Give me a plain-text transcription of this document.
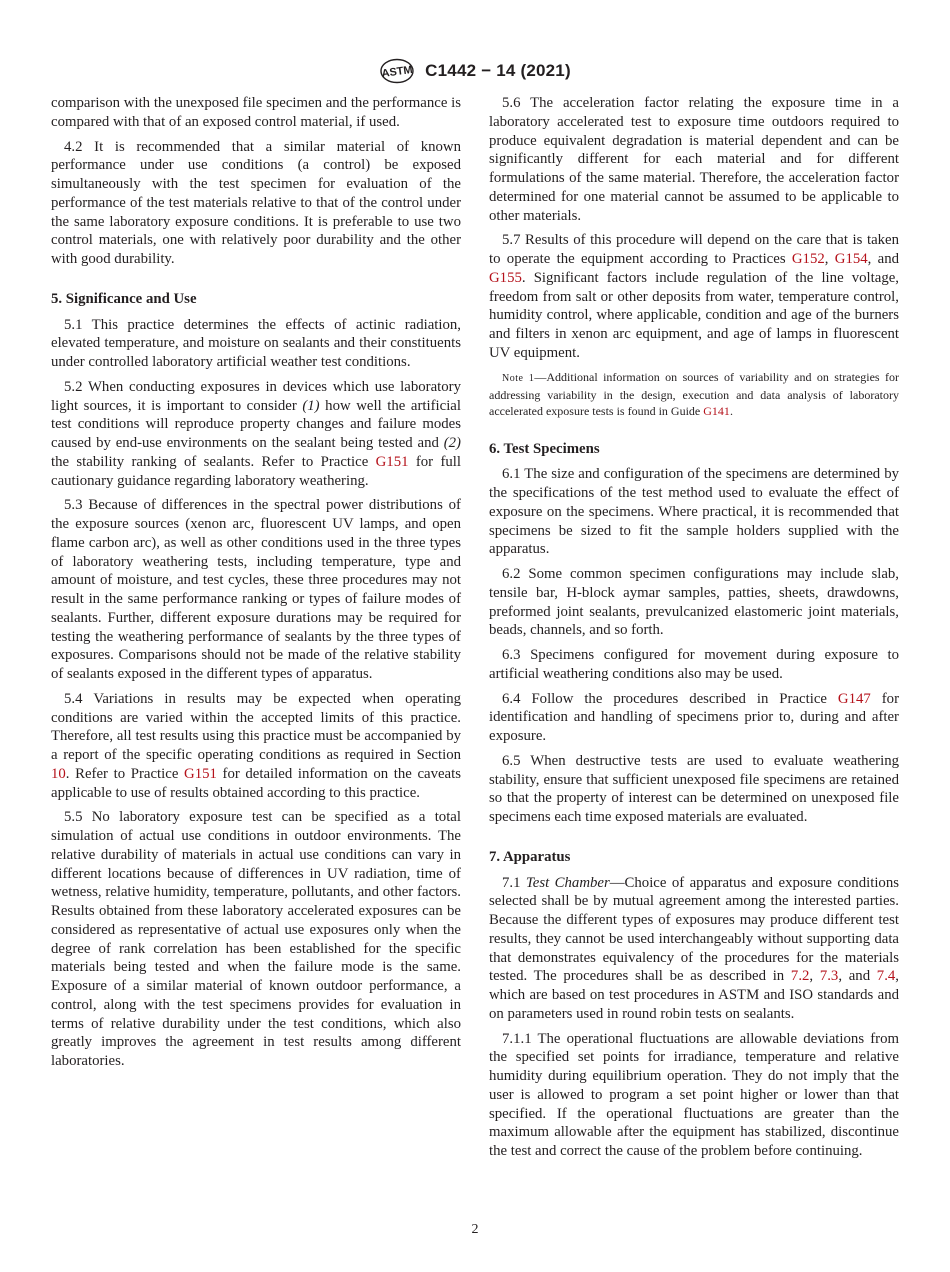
ASTM C1442 − 14 (2021)

comparison with the unexposed file specimen and the performance is compared with that of an exposed control material, if used.

4.2 It is recommended that a similar material of known performance under use conditions (a control) be exposed simultaneously with the test specimen for evaluation of the performance of the test materials relative to that of the control under the same laboratory exposure conditions. It is preferable to use two control materials, one with relatively poor durability and the other with good durability.

5. Significance and Use

5.1 This practice determines the effects of actinic radiation, elevated temperature, and moisture on sealants and their constituents under controlled laboratory artificial weather test conditions.

5.2 When conducting exposures in devices which use laboratory light sources, it is important to consider (1) how well the artificial test conditions will reproduce property changes and failure modes caused by end-use environments on the sealant being tested and (2) the stability ranking of sealants. Refer to Practice G151 for full cautionary guidance regarding laboratory weathering.

5.3 Because of differences in the spectral power distributions of the exposure sources (xenon arc, fluorescent UV lamps, and open flame carbon arc), as well as other conditions used in the three types of laboratory weathering tests, including temperature, type and amount of moisture, and test cycles, these three procedures may not result in the same performance ranking or types of failure modes of sealants. Further, different exposure durations may be required for testing the weathering performance of sealants by the three types of exposures. Comparisons should not be made of the relative stability of sealants exposed in the different types of apparatus.

5.4 Variations in results may be expected when operating conditions are varied within the accepted limits of this practice. Therefore, all test results using this practice must be accompanied by a report of the specific operating conditions as required in Section 10. Refer to Practice G151 for detailed information on the caveats applicable to use of results obtained according to this practice.

5.5 No laboratory exposure test can be specified as a total simulation of actual use conditions in outdoor environments. The relative durability of materials in actual use conditions can vary in different locations because of differences in UV radiation, time of wetness, relative humidity, temperature, pollutants, and other factors. Results obtained from these laboratory accelerated exposures can be considered as representative of actual use exposures only when the degree of rank correlation has been established for the specific materials being tested and when the failure mode is the same. Exposure of a similar material of known outdoor performance, a control, along with the test specimens provides for evaluation in terms of relative durability under the test conditions, which also greatly improves the agreement in test results among different laboratories.

5.6 The acceleration factor relating the exposure time in a laboratory accelerated test to exposure time outdoors required to produce equivalent degradation is material dependent and can be significantly different for each material and for different formulations of the same material. Therefore, the acceleration factor determined for one material cannot be assumed to be applicable to other materials.

5.7 Results of this procedure will depend on the care that is taken to operate the equipment according to Practices G152, G154, and G155. Significant factors include regulation of the line voltage, freedom from salt or other deposits from water, temperature control, humidity control, where applicable, condition and age of the burners and filters in xenon arc equipment, and age of lamps in fluorescent UV equipment.

Note 1—Additional information on sources of variability and on strategies for addressing variability in the design, execution and data analysis of laboratory accelerated exposure tests is found in Guide G141.

6. Test Specimens

6.1 The size and configuration of the specimens are determined by the specifications of the test method used to evaluate the effect of exposure on the specimens. Where practical, it is recommended that specimens be sized to fit the sample holders supplied with the apparatus.

6.2 Some common specimen configurations may include slab, tensile bar, H-block aymar samples, patties, sheets, drawdowns, preformed joint sealants, prevulcanized elastomeric joint materials, beads, channels, and so forth.

6.3 Specimens configured for movement during exposure to artificial weathering conditions also may be used.

6.4 Follow the procedures described in Practice G147 for identification and handling of specimens prior to, during and after exposure.

6.5 When destructive tests are used to evaluate weathering stability, ensure that sufficient unexposed file specimens are retained so that the property of interest can be determined on unexposed file specimens each time exposed materials are evaluated.

7. Apparatus

7.1 Test Chamber—Choice of apparatus and exposure conditions selected shall be by mutual agreement among the interested parties. Because the different types of exposures may produce different test results, they cannot be used interchangeably without supporting data that demonstrates equivalency of the procedures for the materials tested. The procedures shall be as described in 7.2, 7.3, and 7.4, which are based on test procedures in ASTM and ISO standards and on parameters used in round robin tests on sealants.

7.1.1 The operational fluctuations are allowable deviations from the specified set points for irradiance, temperature and relative humidity during equilibrium operation. They do not imply that the user is allowed to program a set point higher or lower than that specified. If the operational fluctuations are greater than the maximum allowable after the equipment has stabilized, discontinue the test and correct the cause of the problem before continuing.

2
